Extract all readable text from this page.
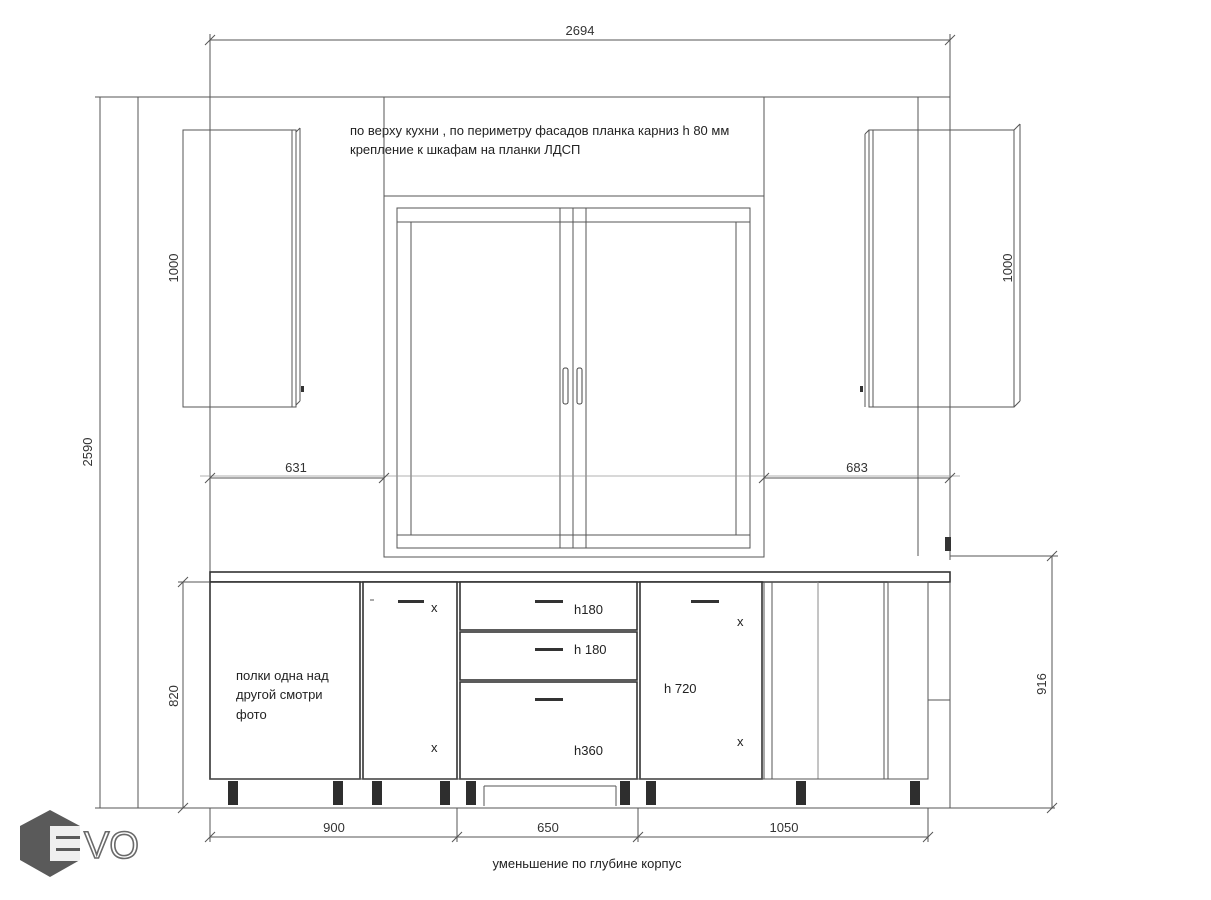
2694
2590
по верху кухни , по периметру фасадов планка карниз h 80 мм
крепление к шкафам на планки ЛДСП
1000	1000
631	683
полки одна над
другой смотри
фото
x
x
h180
h 180
h360
h 720
x
x
820
916
900	650	1050
уменьшение по глубине корпус
VO
